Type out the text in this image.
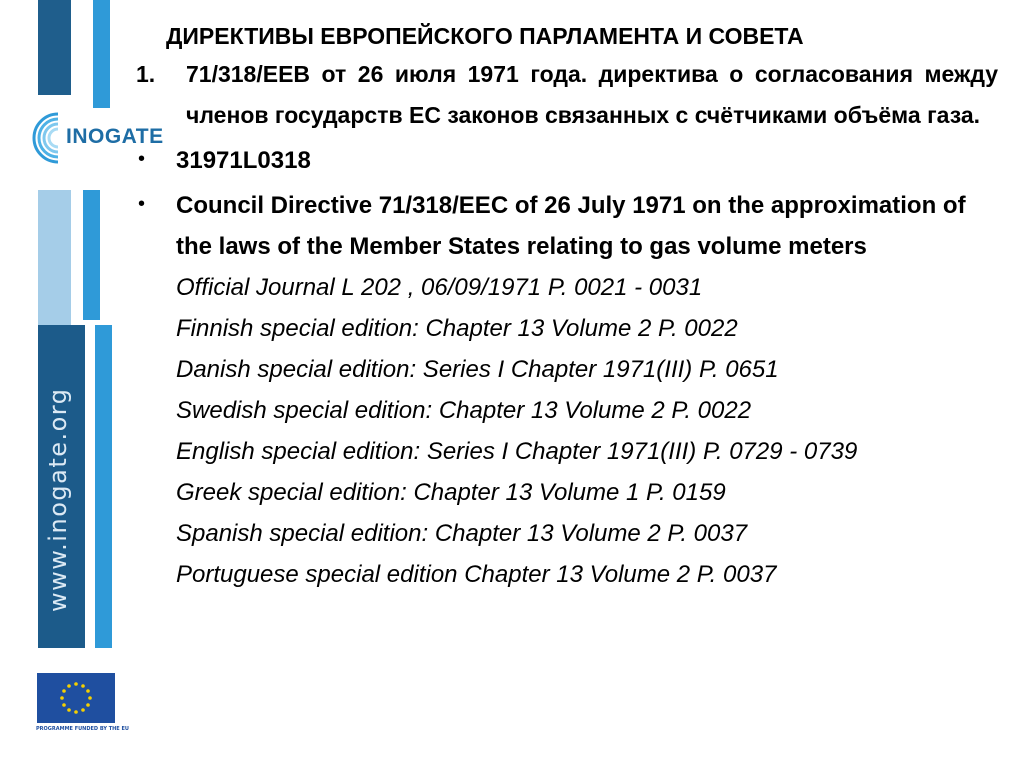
INOGATE
www.inogate.org
PROGRAMME FUNDED BY THE EU
ДИРЕКТИВЫ ЕВРОПЕЙСКОГО ПАРЛАМЕНТА И СОВЕТА
1.	71/318/ЕЕВ от 26 июля 1971 года. директива о согласования между членов государств ЕС законов связанных с счётчиками объёма газа.
•	31971L0318
•	Council Directive 71/318/EEC of 26 July 1971 on the approximation of the laws of the Member States relating to gas volume meters
Official Journal L 202 , 06/09/1971 P. 0021 - 0031
Finnish special edition: Chapter 13 Volume 2 P. 0022
Danish special edition: Series I Chapter 1971(III) P. 0651
Swedish special edition: Chapter 13 Volume 2 P. 0022
English special edition: Series I Chapter 1971(III) P. 0729 - 0739
Greek special edition: Chapter 13 Volume 1 P. 0159
Spanish special edition: Chapter 13 Volume 2 P. 0037
Portuguese special edition Chapter 13 Volume 2 P. 0037
